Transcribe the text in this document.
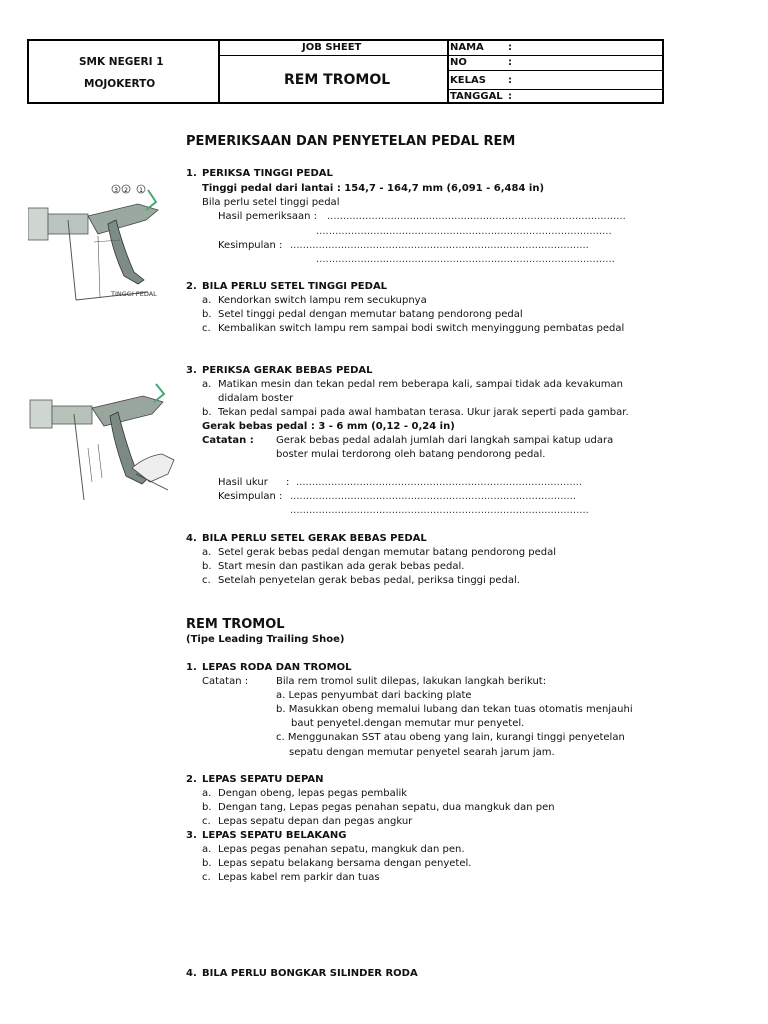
SMK NEGERI 1
MOJOKERTO
JOB SHEET
REM TROMOL
NAMA :
NO	:
KELAS :
TANGGAL :
PEMERIKSAAN DAN PENYETELAN PEDAL REM
1. PERIKSA TINGGI PEDAL
Tinggi pedal dari lantai : 154,7 - 164,7 mm (6,091 - 6,484 in)
Bila perlu setel tinggi pedal
Hasil pemeriksaan : ..............................................................................................
.............................................................................................
Kesimpulan : ..............................................................................................
..............................................................................................
3 2 1
TINGGI PEDAL
2. BILA PERLU SETEL TINGGI PEDAL
a. Kendorkan switch lampu rem secukupnya
b. Setel tinggi pedal dengan memutar batang pendorong pedal
c. Kembalikan switch lampu rem sampai bodi switch menyinggung pembatas pedal
3. PERIKSA GERAK BEBAS PEDAL
a. Matikan mesin dan tekan pedal rem beberapa kali, sampai tidak ada kevakuman
didalam boster
b. Tekan pedal sampai pada awal hambatan terasa. Ukur jarak seperti pada gambar.
Gerak bebas pedal : 3 - 6 mm (0,12 - 0,24 in)
Catatan : Gerak bebas pedal adalah jumlah dari langkah sampai katup udara
boster mulai terdorong oleh batang pendorong pedal.
Hasil ukur : ..........................................................................................
Kesimpulan : ..........................................................................................
..............................................................................................
4. BILA PERLU SETEL GERAK BEBAS PEDAL
a. Setel gerak bebas pedal dengan memutar batang pendorong pedal
b. Start mesin dan pastikan ada gerak bebas pedal.
c. Setelah penyetelan gerak bebas pedal, periksa tinggi pedal.
REM TROMOL
(Tipe Leading Trailing Shoe)
1. LEPAS RODA DAN TROMOL
Catatan :	Bila rem tromol sulit dilepas, lakukan langkah berikut:
a. Lepas penyumbat dari backing plate
b. Masukkan obeng memalui lubang dan tekan tuas otomatis menjauhi
baut penyetel.dengan memutar mur penyetel.
c. Menggunakan SST atau obeng yang lain, kurangi tinggi penyetelan
sepatu dengan memutar penyetel searah jarum jam.
2. LEPAS SEPATU DEPAN
a. Dengan obeng, lepas pegas pembalik
b. Dengan tang, Lepas pegas penahan sepatu, dua mangkuk dan pen
c. Lepas sepatu depan dan pegas angkur
3. LEPAS SEPATU BELAKANG
a. Lepas pegas penahan sepatu, mangkuk dan pen.
b. Lepas sepatu belakang bersama dengan penyetel.
c. Lepas kabel rem parkir dan tuas
4. BILA PERLU BONGKAR SILINDER RODA
